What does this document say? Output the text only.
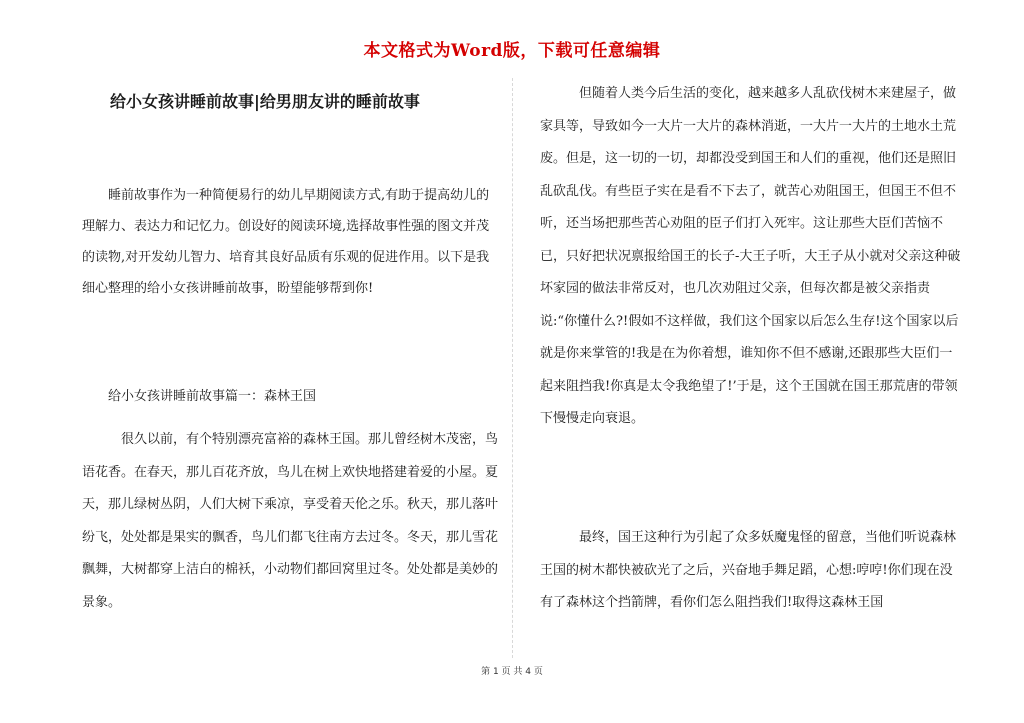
本文格式为Word版，下载可任意编辑
给小女孩讲睡前故事|给男朋友讲的睡前故事
睡前故事作为一种简便易行的幼儿早期阅读方式,有助于提高幼儿的理解力、表达力和记忆力。创设好的阅读环境,选择故事性强的图文并茂的读物,对开发幼儿智力、培育其良好品质有乐观的促进作用。以下是我细心整理的给小女孩讲睡前故事，盼望能够帮到你!
给小女孩讲睡前故事篇一：森林王国
很久以前，有个特别漂亮富裕的森林王国。那儿曾经树木茂密，鸟语花香。在春天，那儿百花齐放，鸟儿在树上欢快地搭建着爱的小屋。夏天，那儿绿树丛阴，人们大树下乘凉，享受着天伦之乐。秋天，那儿落叶纷飞，处处都是果实的飘香，鸟儿们都飞往南方去过冬。冬天，那儿雪花飘舞，大树都穿上洁白的棉袄，小动物们都回窝里过冬。处处都是美妙的景象。
但随着人类今后生活的变化，越来越多人乱砍伐树木来建屋子，做家具等，导致如今一大片一大片的森林消逝，一大片一大片的土地水土荒废。但是，这一切的一切，却都没受到国王和人们的重视，他们还是照旧乱砍乱伐。有些臣子实在是看不下去了，就苦心劝阻国王，但国王不但不听，还当场把那些苦心劝阻的臣子们打入死牢。这让那些大臣们苦恼不已，只好把状况禀报给国王的长子-大王子听，大王子从小就对父亲这种破坏家园的做法非常反对，也几次劝阻过父亲，但每次都是被父亲指责说:“你懂什么?!假如不这样做，我们这个国家以后怎么生存!这个国家以后就是你来掌管的!我是在为你着想，谁知你不但不感谢,还跟那些大臣们一起来阻挡我!你真是太令我绝望了!’于是，这个王国就在国王那荒唐的带领下慢慢走向衰退。
最终，国王这种行为引起了众多妖魔鬼怪的留意，当他们听说森林王国的树木都快被砍光了之后，兴奋地手舞足蹈，心想:哼哼!你们现在没有了森林这个挡箭牌，看你们怎么阻挡我们!取得这森林王国
第 1 页 共 4 页
